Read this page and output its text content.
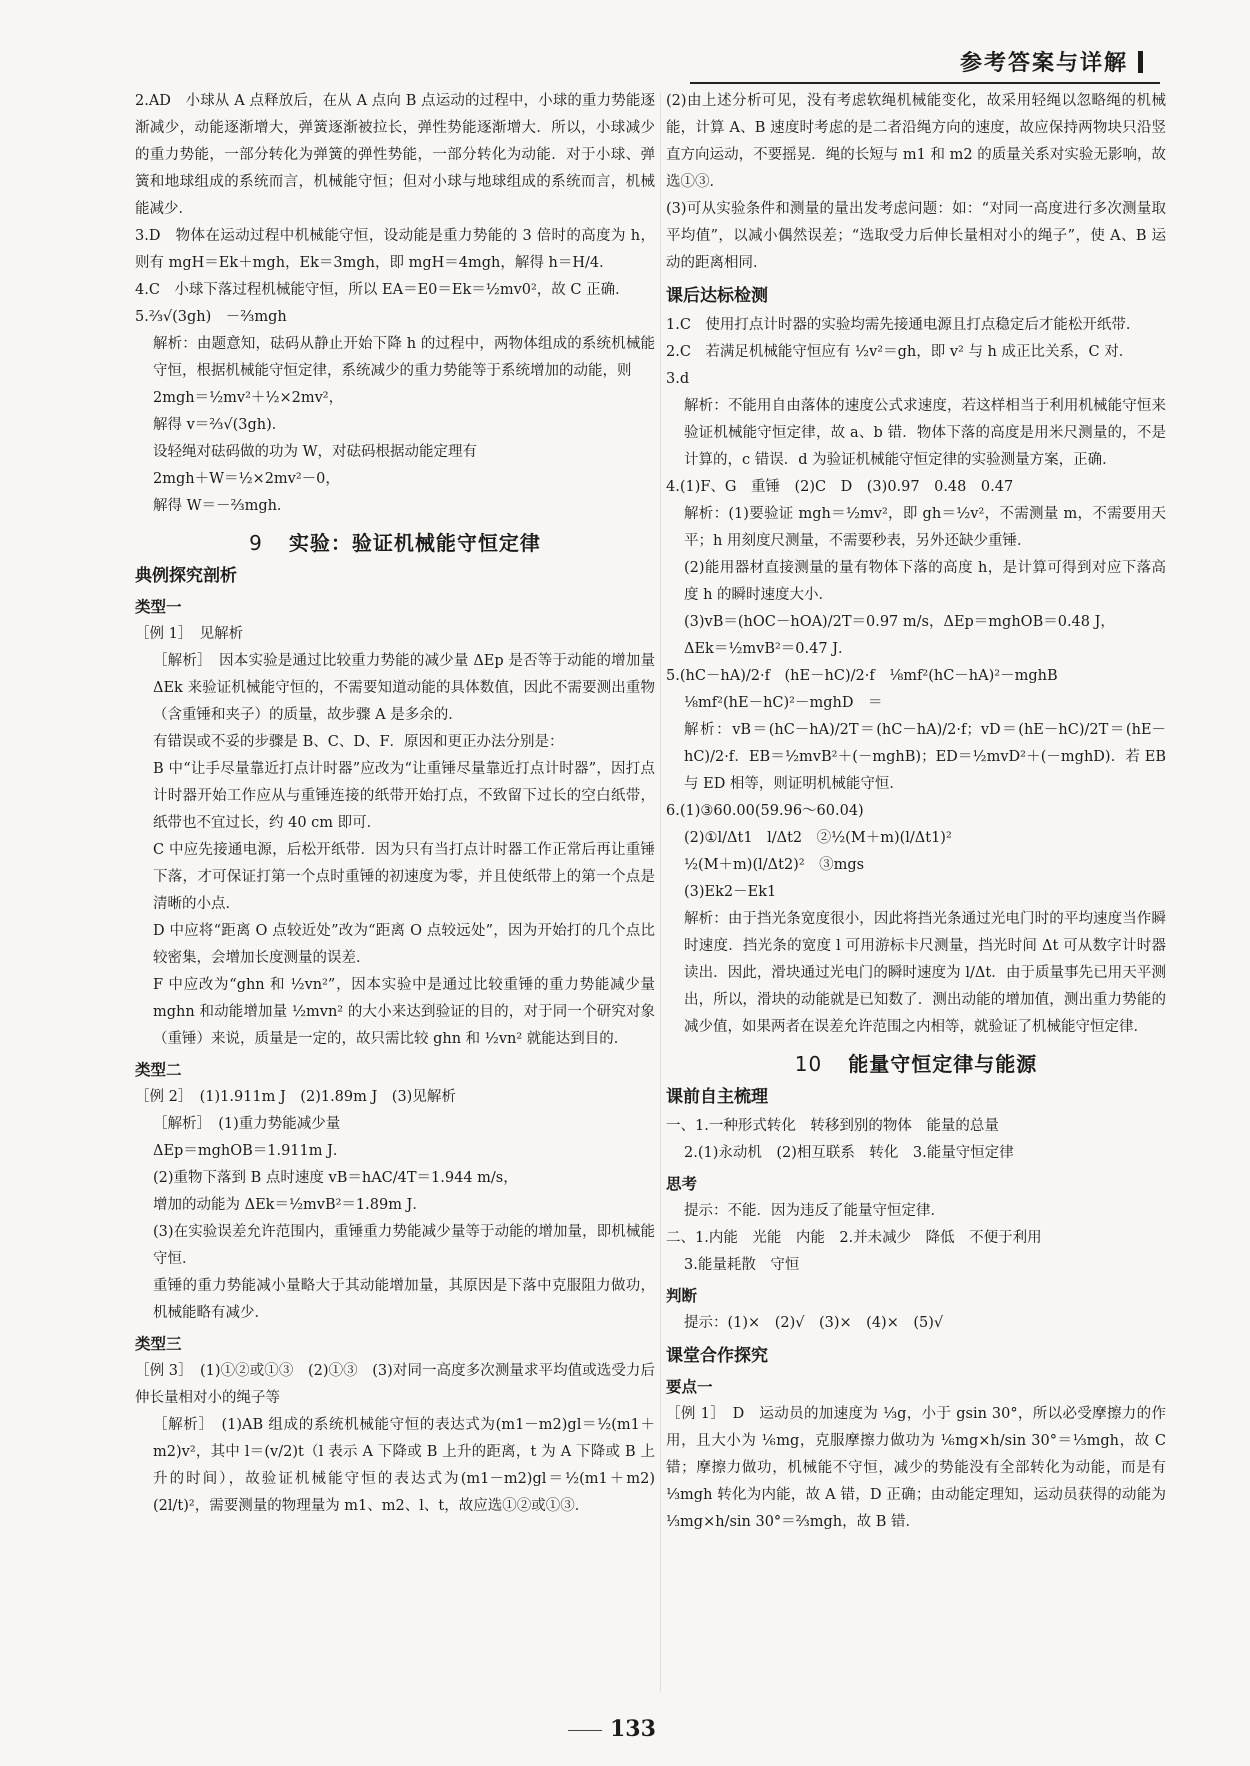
参考答案与详解

2.AD　小球从 A 点释放后，在从 A 点向 B 点运动的过程中，小球的重力势能逐渐减少，动能逐渐增大，弹簧逐渐被拉长，弹性势能逐渐增大．所以，小球减少的重力势能，一部分转化为弹簧的弹性势能，一部分转化为动能．对于小球、弹簧和地球组成的系统而言，机械能守恒；但对小球与地球组成的系统而言，机械能减少．

3.D　物体在运动过程中机械能守恒，设动能是重力势能的 3 倍时的高度为 h，则有 mgH＝Ek＋mgh，Ek＝3mgh，即 mgH＝4mgh，解得 h＝H/4．

4.C　小球下落过程机械能守恒，所以 EA＝E0＝Ek＝½mv0²，故 C 正确．

5.⅔√(3gh)　－⅔mgh

解析：由题意知，砝码从静止开始下降 h 的过程中，两物体组成的系统机械能守恒，根据机械能守恒定律，系统减少的重力势能等于系统增加的动能，则

2mgh＝½mv²＋½×2mv²，

解得 v＝⅔√(3gh)．

设轻绳对砝码做的功为 W，对砝码根据动能定理有

2mgh＋W＝½×2mv²－0，

解得 W＝－⅔mgh．

9 实验：验证机械能守恒定律
典例探究剖析
类型一

［例 1］　见解析

［解析］　因本实验是通过比较重力势能的减少量 ΔEp 是否等于动能的增加量 ΔEk 来验证机械能守恒的，不需要知道动能的具体数值，因此不需要测出重物（含重锤和夹子）的质量，故步骤 A 是多余的．

有错误或不妥的步骤是 B、C、D、F．原因和更正办法分别是：

B 中“让手尽量靠近打点计时器”应改为“让重锤尽量靠近打点计时器”，因打点计时器开始工作应从与重锤连接的纸带开始打点，不致留下过长的空白纸带，纸带也不宜过长，约 40 cm 即可．

C 中应先接通电源，后松开纸带．因为只有当打点计时器工作正常后再让重锤下落，才可保证打第一个点时重锤的初速度为零，并且使纸带上的第一个点是清晰的小点．

D 中应将“距离 O 点较近处”改为“距离 O 点较远处”，因为开始打的几个点比较密集，会增加长度测量的误差．

F 中应改为“ghn 和 ½vn²”，因本实验中是通过比较重锤的重力势能减少量 mghn 和动能增加量 ½mvn² 的大小来达到验证的目的，对于同一个研究对象（重锤）来说，质量是一定的，故只需比较 ghn 和 ½vn² 就能达到目的．

类型二

［例 2］　(1)1.911m J　(2)1.89m J　(3)见解析

［解析］　(1)重力势能减少量

ΔEp＝mghOB＝1.911m J．

(2)重物下落到 B 点时速度 vB＝hAC/4T＝1.944 m/s，

增加的动能为 ΔEk＝½mvB²＝1.89m J．

(3)在实验误差允许范围内，重锤重力势能减少量等于动能的增加量，即机械能守恒．

重锤的重力势能减小量略大于其动能增加量，其原因是下落中克服阻力做功，机械能略有减少．

类型三

［例 3］　(1)①②或①③　(2)①③　(3)对同一高度多次测量求平均值或选受力后伸长量相对小的绳子等

［解析］　(1)AB 组成的系统机械能守恒的表达式为(m1－m2)gl＝½(m1＋m2)v²，其中 l＝(v/2)t（l 表示 A 下降或 B 上升的距离，t 为 A 下降或 B 上升的时间），故验证机械能守恒的表达式为(m1－m2)gl＝½(m1＋m2)(2l/t)²，需要测量的物理量为 m1、m2、l、t，故应选①②或①③．

(2)由上述分析可见，没有考虑软绳机械能变化，故采用轻绳以忽略绳的机械能，计算 A、B 速度时考虑的是二者沿绳方向的速度，故应保持两物块只沿竖直方向运动，不要摇晃．绳的长短与 m1 和 m2 的质量关系对实验无影响，故选①③．

(3)可从实验条件和测量的量出发考虑问题：如：“对同一高度进行多次测量取平均值”，以减小偶然误差；“选取受力后伸长量相对小的绳子”，使 A、B 运动的距离相同．

课后达标检测

1.C　使用打点计时器的实验均需先接通电源且打点稳定后才能松开纸带．

2.C　若满足机械能守恒应有 ½v²＝gh，即 v² 与 h 成正比关系，C 对．

3.d

解析：不能用自由落体的速度公式求速度，若这样相当于利用机械能守恒来验证机械能守恒定律，故 a、b 错．物体下落的高度是用米尺测量的，不是计算的，c 错误．d 为验证机械能守恒定律的实验测量方案，正确．

4.(1)F、G　重锤　(2)C　D　(3)0.97　0.48　0.47

解析：(1)要验证 mgh＝½mv²，即 gh＝½v²，不需测量 m，不需要用天平；h 用刻度尺测量，不需要秒表，另外还缺少重锤．

(2)能用器材直接测量的量有物体下落的高度 h，是计算可得到对应下落高度 h 的瞬时速度大小．

(3)vB＝(hOC－hOA)/2T＝0.97 m/s，ΔEp＝mghOB＝0.48 J，

ΔEk＝½mvB²＝0.47 J．

5.(hC－hA)/2·f　(hE－hC)/2·f　⅛mf²(hC－hA)²－mghB

⅛mf²(hE－hC)²－mghD　＝

解析：vB＝(hC－hA)/2T＝(hC－hA)/2·f；vD＝(hE－hC)/2T＝(hE－hC)/2·f．EB＝½mvB²＋(－mghB)；ED＝½mvD²＋(－mghD)．若 EB 与 ED 相等，则证明机械能守恒．

6.(1)③60.00(59.96～60.04)

(2)①l/Δt1　l/Δt2　②½(M＋m)(l/Δt1)²

½(M＋m)(l/Δt2)²　③mgs

(3)Ek2－Ek1

解析：由于挡光条宽度很小，因此将挡光条通过光电门时的平均速度当作瞬时速度．挡光条的宽度 l 可用游标卡尺测量，挡光时间 Δt 可从数字计时器读出．因此，滑块通过光电门的瞬时速度为 l/Δt．由于质量事先已用天平测出，所以，滑块的动能就是已知数了．测出动能的增加值，测出重力势能的减少值，如果两者在误差允许范围之内相等，就验证了机械能守恒定律．

10 能量守恒定律与能源
课前自主梳理

一、1.一种形式转化　转移到别的物体　能量的总量

2.(1)永动机　(2)相互联系　转化　3.能量守恒定律

思考

提示：不能．因为违反了能量守恒定律．

二、1.内能　光能　内能　2.并未减少　降低　不便于利用

3.能量耗散　守恒

判断

提示：(1)×　(2)√　(3)×　(4)×　(5)√

课堂合作探究
要点一

［例 1］　D　运动员的加速度为 ⅓g，小于 gsin 30°，所以必受摩擦力的作用，且大小为 ⅙mg，克服摩擦力做功为 ⅙mg×h/sin 30°＝⅓mgh，故 C 错；摩擦力做功，机械能不守恒，减少的势能没有全部转化为动能，而是有 ⅓mgh 转化为内能，故 A 错，D 正确；由动能定理知，运动员获得的动能为 ⅓mg×h/sin 30°＝⅔mgh，故 B 错．

133
